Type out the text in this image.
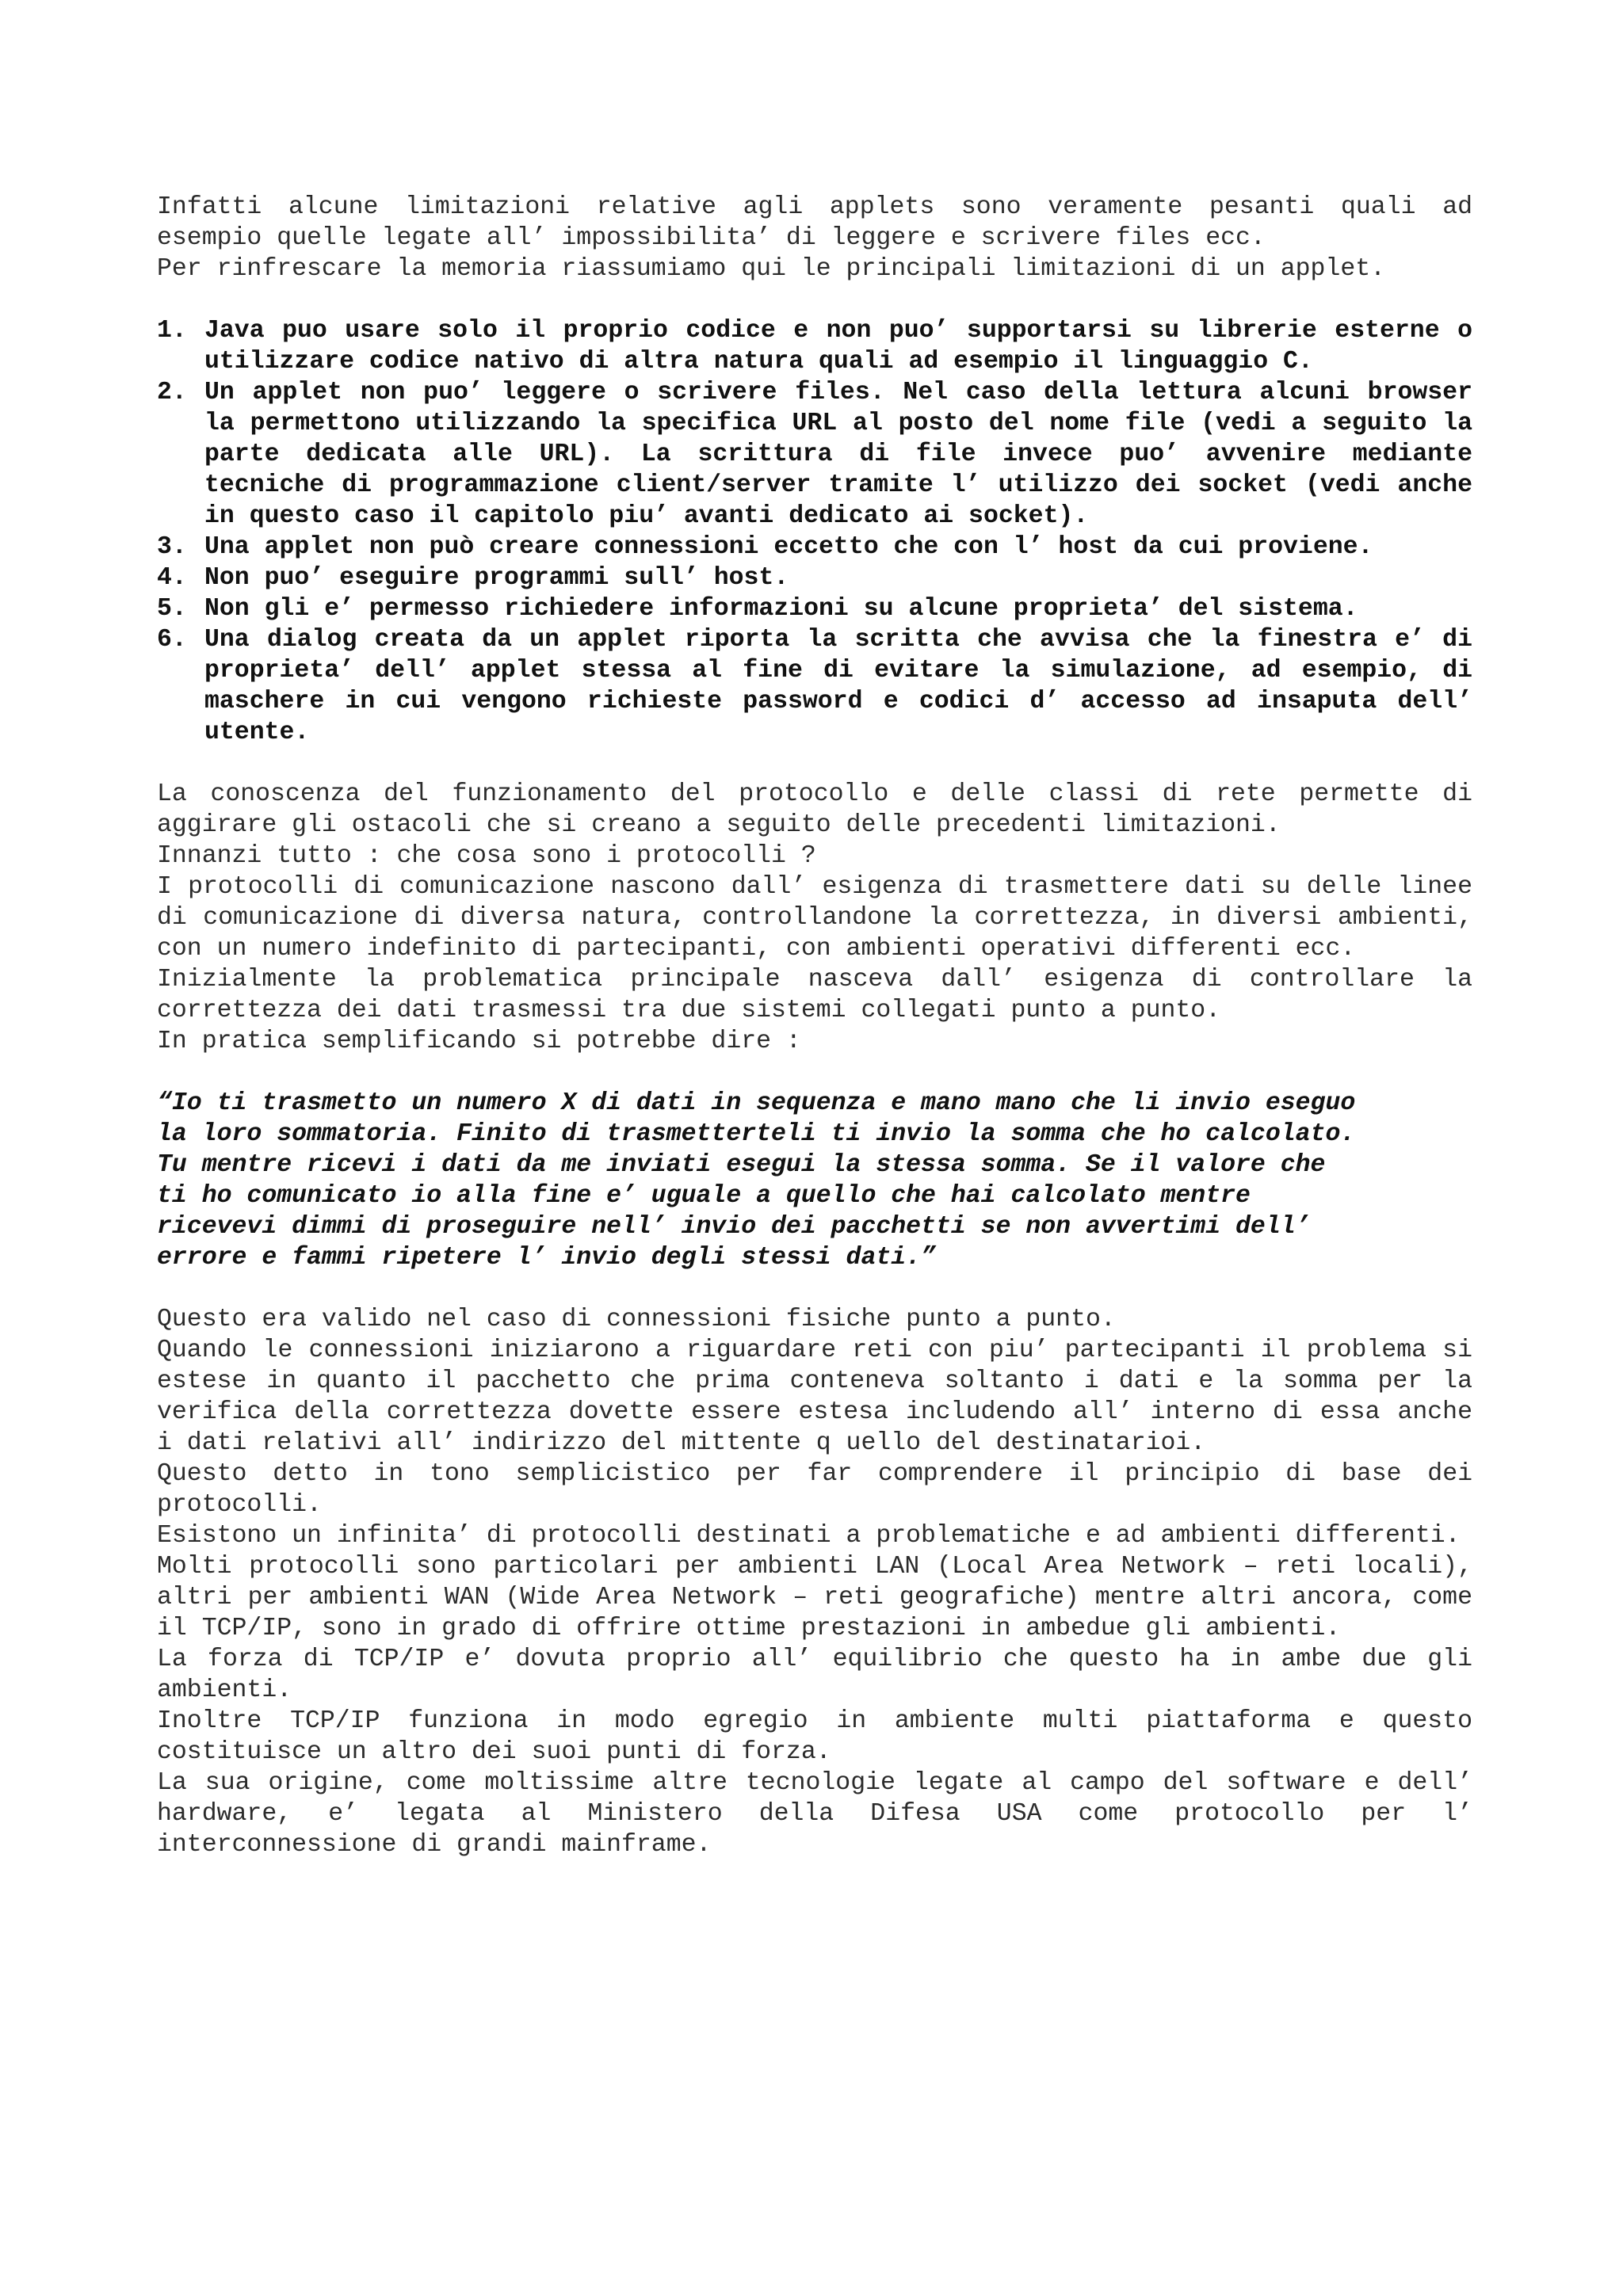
Infatti alcune limitazioni relative agli applets sono veramente pesanti quali ad esempio quelle legate all’ impossibilita’ di leggere e scrivere files ecc.

Per rinfrescare la memoria riassumiamo qui le principali limitazioni di un applet.

1. Java puo usare solo il proprio codice e non puo’ supportarsi su librerie esterne o utilizzare codice nativo di altra natura quali ad esempio il linguaggio C.
2. Un applet non puo’ leggere o scrivere files. Nel caso della lettura alcuni browser la permettono utilizzando la specifica URL al posto del nome file (vedi a seguito la parte dedicata alle URL). La scrittura di file invece puo’ avvenire mediante tecniche di programmazione client/server tramite l’ utilizzo dei socket (vedi anche in questo caso il capitolo piu’ avanti dedicato ai socket).
3. Una applet non può creare connessioni eccetto che con l’ host da cui proviene.
4. Non puo’ eseguire programmi sull’ host.
5. Non gli e’ permesso richiedere informazioni su alcune proprieta’ del sistema.
6. Una dialog creata da un applet riporta la scritta che avvisa che la finestra e’ di proprieta’ dell’ applet stessa al fine di evitare la simulazione, ad esempio, di maschere in cui vengono richieste password e codici d’ accesso ad insaputa dell’ utente.

La conoscenza del funzionamento del protocollo e delle classi di rete permette di aggirare gli ostacoli che si creano a seguito delle precedenti limitazioni.

Innanzi tutto : che cosa sono i protocolli ?

I protocolli di comunicazione nascono dall’ esigenza di trasmettere dati su delle linee di comunicazione di diversa natura, controllandone la correttezza, in diversi ambienti, con un numero indefinito di partecipanti, con ambienti operativi differenti ecc.

Inizialmente la problematica principale nasceva dall’ esigenza di controllare la correttezza dei dati trasmessi tra due sistemi collegati punto a punto.

In pratica semplificando si potrebbe dire :

“Io ti trasmetto un numero X di dati in sequenza e mano mano che li invio eseguo
la loro sommatoria. Finito di trasmetterteli ti invio la somma che ho calcolato.
Tu mentre ricevi i dati da me inviati esegui la stessa somma. Se il valore che
ti ho comunicato io alla fine e’ uguale a quello che hai calcolato mentre
ricevevi dimmi di proseguire nell’ invio dei pacchetti se non avvertimi dell’
errore e fammi ripetere l’ invio degli stessi dati.”

Questo era valido nel caso di connessioni fisiche punto a punto.

Quando le connessioni iniziarono a riguardare reti con piu’ partecipanti il problema si estese in quanto il pacchetto che prima conteneva soltanto i dati e la somma per la verifica della correttezza dovette essere estesa includendo all’ interno di essa anche i dati relativi all’ indirizzo del mittente q uello del destinatarioi.

Questo detto in tono semplicistico per far comprendere il principio di base dei protocolli.

Esistono un infinita’ di protocolli destinati a problematiche e ad ambienti differenti.

Molti protocolli sono particolari per ambienti LAN (Local Area Network – reti locali), altri per ambienti WAN (Wide Area Network – reti geografiche) mentre altri ancora, come il TCP/IP, sono in grado di offrire ottime prestazioni in ambedue gli ambienti.

La forza di TCP/IP e’ dovuta proprio all’ equilibrio che questo ha in ambe due gli ambienti.

Inoltre TCP/IP funziona in modo egregio in ambiente multi piattaforma e questo costituisce un altro dei suoi punti di forza.

La sua origine, come moltissime altre tecnologie legate al campo del software e dell’ hardware, e’ legata al Ministero della Difesa USA come protocollo per l’ interconnessione di grandi mainframe.
